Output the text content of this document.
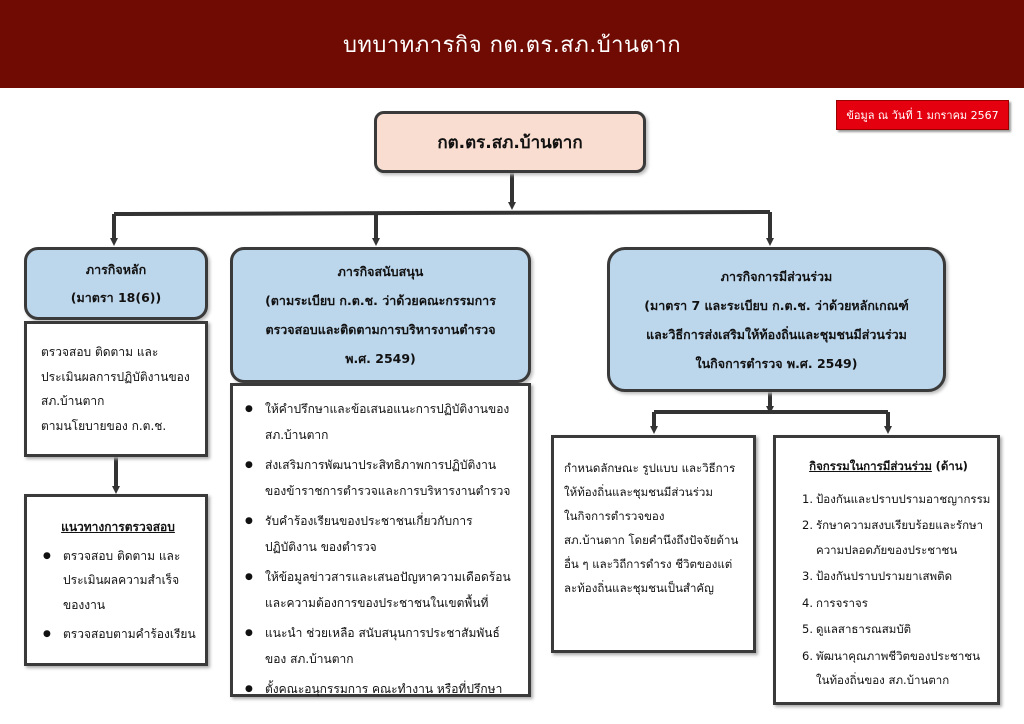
บทบาทภารกิจ กต.ตร.สภ.บ้านตาก
ข้อมูล ณ วันที่ 1 มกราคม 2567
กต.ตร.สภ.บ้านตาก
ภารกิจหลัก
(มาตรา 18(6))

ตรวจสอบ ติดตาม และ

ประเมินผลการปฏิบัติงานของ

สภ.บ้านตาก

ตามนโยบายของ ก.ต.ช.

แนวทางการตรวจสอบ

● ตรวจสอบ ติดตาม และ

ประเมินผลความสำเร็จ

ของงาน

● ตรวจสอบตามคำร้องเรียน

ภารกิจสนับสนุน
(ตามระเบียบ ก.ต.ช. ว่าด้วยคณะกรรมการ
ตรวจสอบและติดตามการบริหารงานตำรวจ
พ.ศ. 2549)

● ให้คำปรึกษาและข้อเสนอแนะการปฏิบัติงานของ

สภ.บ้านตาก

● ส่งเสริมการพัฒนาประสิทธิภาพการปฏิบัติงาน

ของข้าราชการตำรวจและการบริหารงานตำรวจ

● รับคำร้องเรียนของประชาชนเกี่ยวกับการ

ปฏิบัติงาน ของตำรวจ

● ให้ข้อมูลข่าวสารและเสนอปัญหาความเดือดร้อน

และความต้องการของประชาชนในเขตพื้นที่

● แนะนำ ช่วยเหลือ สนับสนุนการประชาสัมพันธ์

ของ สภ.บ้านตาก

● ตั้งคณะอนุกรรมการ คณะทำงาน หรือที่ปรึกษา

ภารกิจการมีส่วนร่วม
(มาตรา 7 และระเบียบ ก.ต.ช. ว่าด้วยหลักเกณฑ์
และวิธีการส่งเสริมให้ท้องถิ่นและชุมชนมีส่วนร่วม
ในกิจการตำรวจ พ.ศ. 2549)

กำหนดลักษณะ รูปแบบ และวิธีการ

ให้ท้องถิ่นและชุมชนมีส่วนร่วม

ในกิจการตำรวจของ

สภ.บ้านตาก โดยคำนึงถึงปัจจัยด้าน

อื่น ๆ และวิถีการดำรง ชีวิตของแต่

ละท้องถิ่นและชุมชนเป็นสำคัญ

กิจกรรมในการมีส่วนร่วม (ด้าน)

1. ป้องกันและปราบปรามอาชญากรรม

2. รักษาความสงบเรียบร้อยและรักษา

ความปลอดภัยของประชาชน

3. ป้องกันปราบปรามยาเสพติด

4. การจราจร

5. ดูแลสาธารณสมบัติ

6. พัฒนาคุณภาพชีวิตของประชาชน

ในท้องถิ่นของ สภ.บ้านตาก
